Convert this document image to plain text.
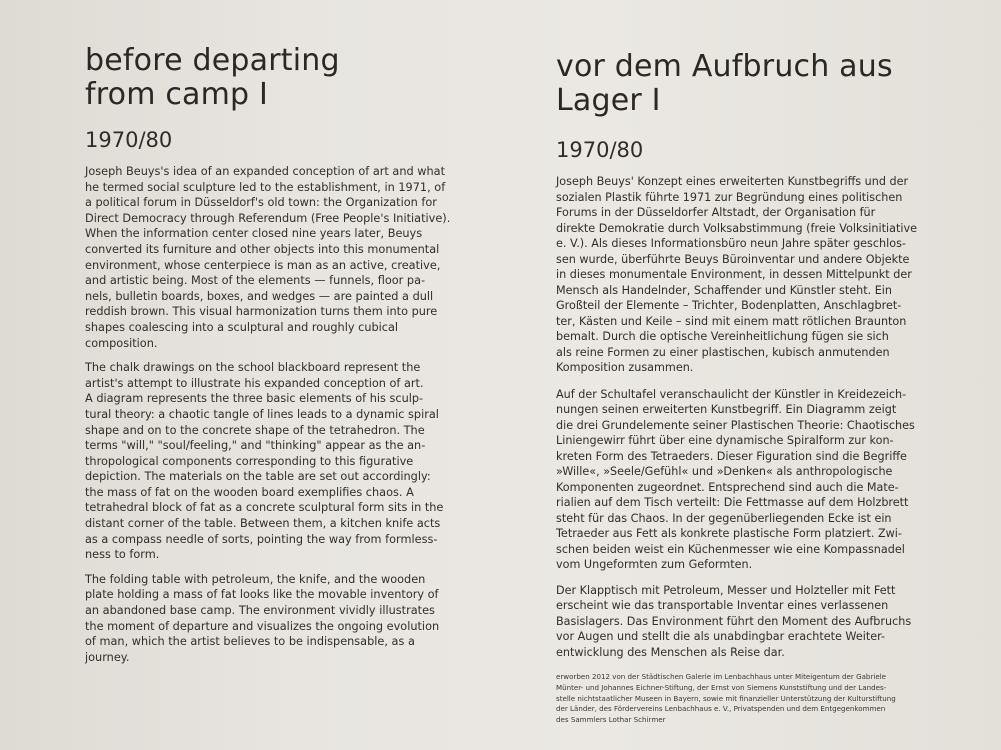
before departing
from camp I
1970/80

Joseph Beuys's idea of an expanded conception of art and what
he termed social sculpture led to the establishment, in 1971, of
a political forum in Düsseldorf's old town: the Organization for
Direct Democracy through Referendum (Free People's Initiative).
When the information center closed nine years later, Beuys
converted its furniture and other objects into this monumental
environment, whose centerpiece is man as an active, creative,
and artistic being. Most of the elements — funnels, floor pa-
nels, bulletin boards, boxes, and wedges — are painted a dull
reddish brown. This visual harmonization turns them into pure
shapes coalescing into a sculptural and roughly cubical
composition.

The chalk drawings on the school blackboard represent the
artist's attempt to illustrate his expanded conception of art.
A diagram represents the three basic elements of his sculp-
tural theory: a chaotic tangle of lines leads to a dynamic spiral
shape and on to the concrete shape of the tetrahedron. The
terms "will," "soul/feeling," and "thinking" appear as the an-
thropological components corresponding to this figurative
depiction. The materials on the table are set out accordingly:
the mass of fat on the wooden board exemplifies chaos. A
tetrahedral block of fat as a concrete sculptural form sits in the
distant corner of the table. Between them, a kitchen knife acts
as a compass needle of sorts, pointing the way from formless-
ness to form.

The folding table with petroleum, the knife, and the wooden
plate holding a mass of fat looks like the movable inventory of
an abandoned base camp. The environment vividly illustrates
the moment of departure and visualizes the ongoing evolution
of man, which the artist believes to be indispensable, as a
journey.

vor dem Aufbruch aus
Lager I
1970/80

Joseph Beuys' Konzept eines erweiterten Kunstbegriffs und der
sozialen Plastik führte 1971 zur Begründung eines politischen
Forums in der Düsseldorfer Altstadt, der Organisation für
direkte Demokratie durch Volksabstimmung (freie Volksinitiative
e. V.). Als dieses Informationsbüro neun Jahre später geschlos-
sen wurde, überführte Beuys Büroinventar und andere Objekte
in dieses monumentale Environment, in dessen Mittelpunkt der
Mensch als Handelnder, Schaffender und Künstler steht. Ein
Großteil der Elemente – Trichter, Bodenplatten, Anschlagbret-
ter, Kästen und Keile – sind mit einem matt rötlichen Braunton
bemalt. Durch die optische Vereinheitlichung fügen sie sich
als reine Formen zu einer plastischen, kubisch anmutenden
Komposition zusammen.

Auf der Schultafel veranschaulicht der Künstler in Kreidezeich-
nungen seinen erweiterten Kunstbegriff. Ein Diagramm zeigt
die drei Grundelemente seiner Plastischen Theorie: Chaotisches
Liniengewirr führt über eine dynamische Spiralform zur kon-
kreten Form des Tetraeders. Dieser Figuration sind die Begriffe
»Wille«, »Seele/Gefühl« und »Denken« als anthropologische
Komponenten zugeordnet. Entsprechend sind auch die Mate-
rialien auf dem Tisch verteilt: Die Fettmasse auf dem Holzbrett
steht für das Chaos. In der gegenüberliegenden Ecke ist ein
Tetraeder aus Fett als konkrete plastische Form platziert. Zwi-
schen beiden weist ein Küchenmesser wie eine Kompassnadel
vom Ungeformten zum Geformten.

Der Klapptisch mit Petroleum, Messer und Holzteller mit Fett
erscheint wie das transportable Inventar eines verlassenen
Basislagers. Das Environment führt den Moment des Aufbruchs
vor Augen und stellt die als unabdingbar erachtete Weiter-
entwicklung des Menschen als Reise dar.

erworben 2012 von der Städtischen Galerie im Lenbachhaus unter Miteigentum der Gabriele
Münter- und Johannes Eichner-Stiftung, der Ernst von Siemens Kunststiftung und der Landes-
stelle nichtstaatlicher Museen in Bayern, sowie mit finanzieller Unterstützung der Kulturstiftung
der Länder, des Fördervereins Lenbachhaus e. V., Privatspenden und dem Entgegenkommen
des Sammlers Lothar Schirmer
